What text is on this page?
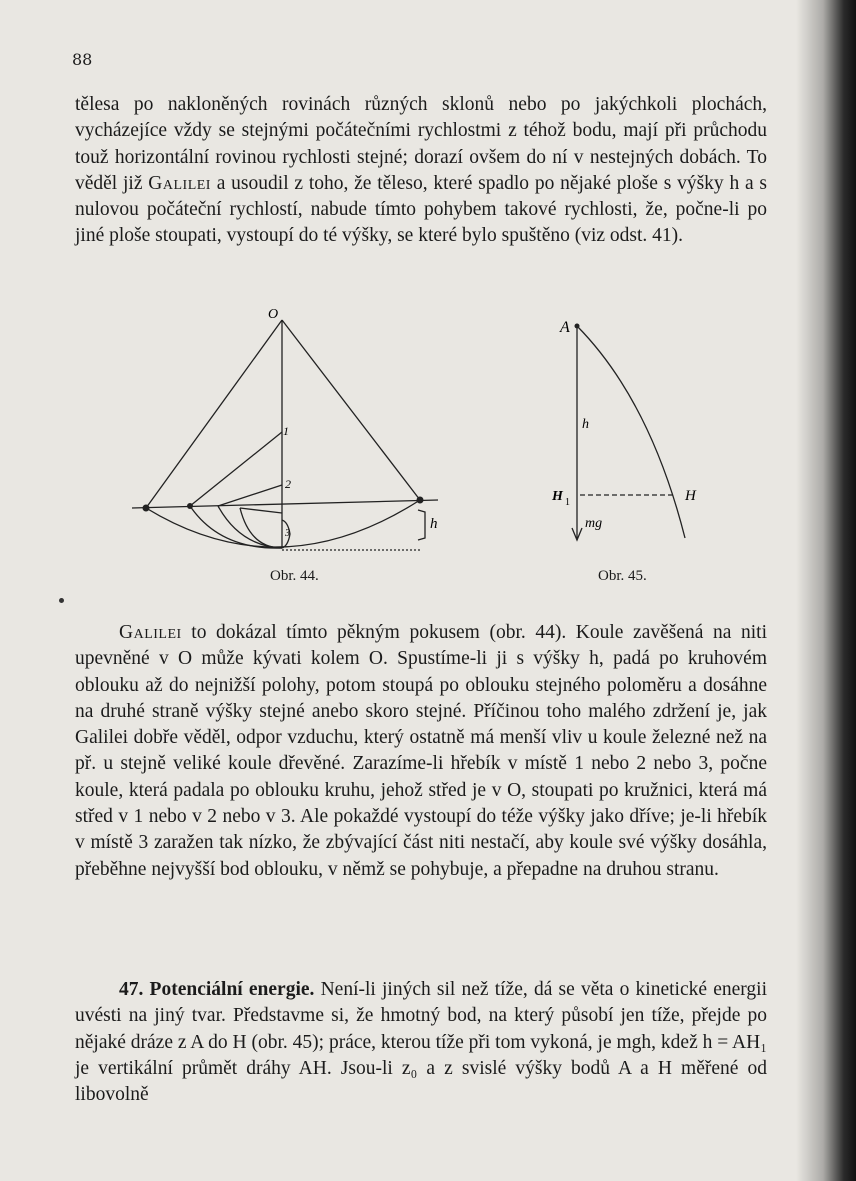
88

tělesa po nakloněných rovinách různých sklonů nebo po jakýchkoli plochách, vycházejíce vždy se stejnými počátečními rychlostmi z téhož bodu, mají při průchodu touž horizontální rovinou rychlosti stejné; dorazí ovšem do ní v nestejných dobách. To věděl již Galilei a usoudil z toho, že těleso, které spadlo po nějaké ploše s výšky h a s nulovou počáteční rychlostí, nabude tímto pohybem takové rychlosti, že, počne-li po jiné ploše stoupati, vystoupí do té výšky, se které bylo spuštěno (viz odst. 41).

O
1
2
3
h
Obr. 44.
A
h
H 1	H
mg
Obr. 45.

Galilei to dokázal tímto pěkným pokusem (obr. 44). Koule zavěšená na niti upevněné v O může kývati kolem O. Spustíme-li ji s výšky h, padá po kruhovém oblouku až do nejnižší polohy, potom stoupá po oblouku stejného poloměru a dosáhne na druhé straně výšky stejné anebo skoro stejné. Příčinou toho malého zdržení je, jak Galilei dobře věděl, odpor vzduchu, který ostatně má menší vliv u koule železné než na př. u stejně veliké koule dřevěné. Zarazíme-li hřebík v místě 1 nebo 2 nebo 3, počne koule, která padala po oblouku kruhu, jehož střed je v O, stoupati po kružnici, která má střed v 1 nebo v 2 nebo v 3. Ale pokaždé vystoupí do téže výšky jako dříve; je-li hřebík v místě 3 zaražen tak nízko, že zbývající část niti nestačí, aby koule své výšky dosáhla, přeběhne nejvyšší bod oblouku, v němž se pohybuje, a přepadne na druhou stranu.

47. Potenciální energie. Není-li jiných sil než tíže, dá se věta o kinetické energii uvésti na jiný tvar. Představme si, že hmotný bod, na který působí jen tíže, přejde po nějaké dráze z A do H (obr. 45); práce, kterou tíže při tom vykoná, je mgh, kdež h = AH₁ je vertikální průmět dráhy AH. Jsou-li z₀ a z svislé výšky bodů A a H měřené od libovolně
